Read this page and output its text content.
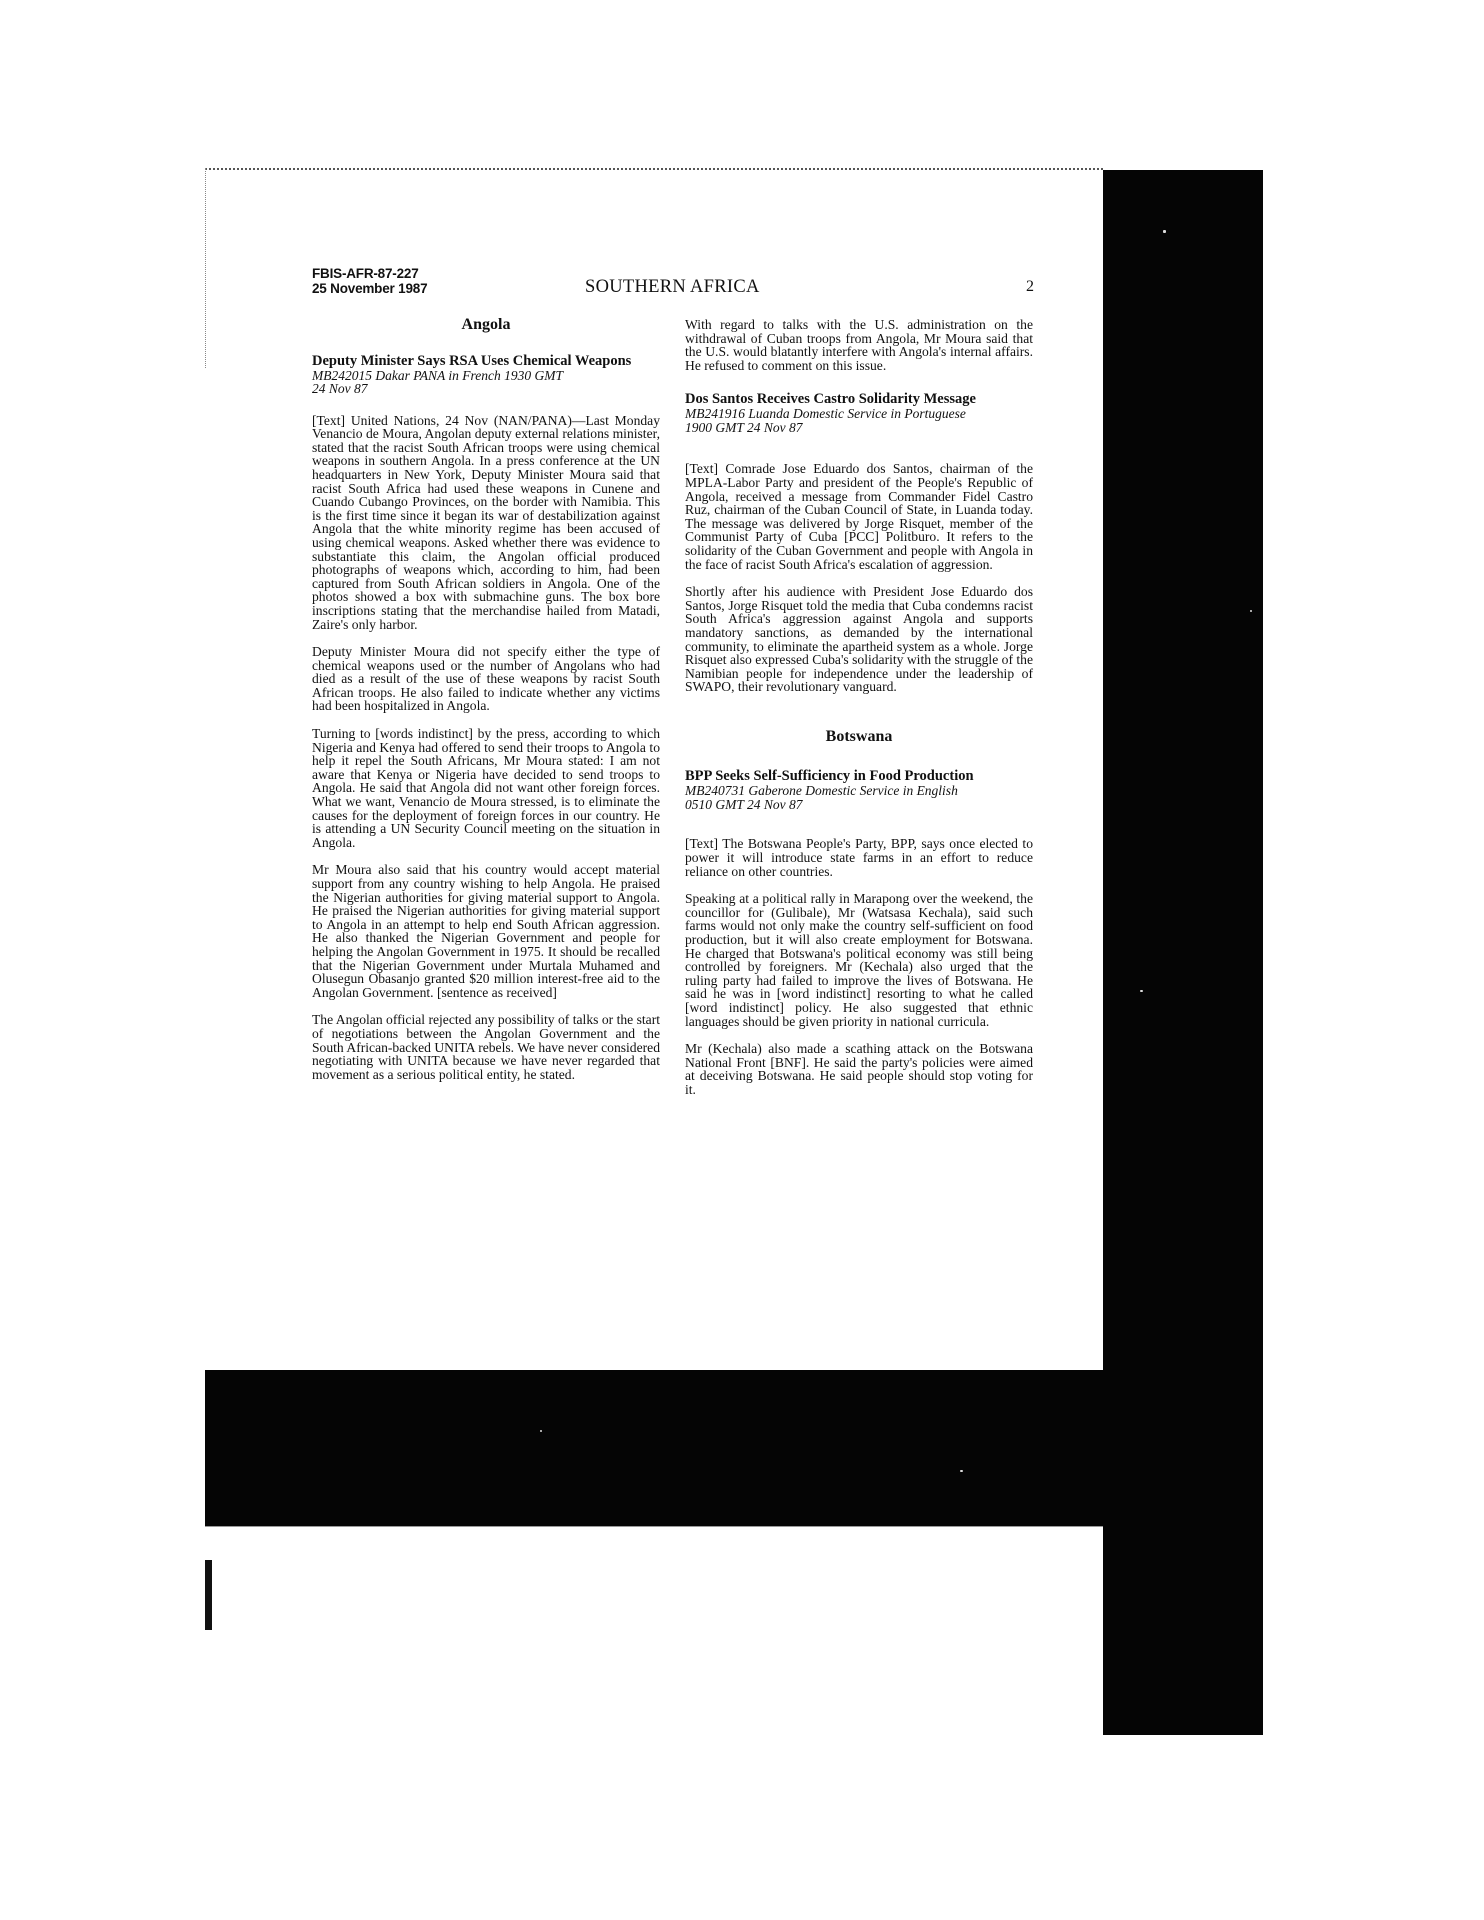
FBIS-AFR-87-227
25 November 1987	SOUTHERN AFRICA	2
Angola

Deputy Minister Says RSA Uses Chemical Weapons

MB242015 Dakar PANA in French 1930 GMT

24 Nov 87

[Text] United Nations, 24 Nov (NAN/PANA)—Last Monday Venancio de Moura, Angolan deputy external relations minister, stated that the racist South African troops were using chemical weapons in southern Angola. In a press conference at the UN headquarters in New York, Deputy Minister Moura said that racist South Africa had used these weapons in Cunene and Cuando Cubango Provinces, on the border with Namibia. This is the first time since it began its war of destabilization against Angola that the white minority regime has been accused of using chemical weapons. Asked whether there was evidence to substantiate this claim, the Angolan official produced photographs of weapons which, according to him, had been captured from South African soldiers in Angola. One of the photos showed a box with submachine guns. The box bore inscriptions stating that the merchandise hailed from Matadi, Zaire's only harbor.

Deputy Minister Moura did not specify either the type of chemical weapons used or the number of Angolans who had died as a result of the use of these weapons by racist South African troops. He also failed to indicate whether any victims had been hospitalized in Angola.

Turning to [words indistinct] by the press, according to which Nigeria and Kenya had offered to send their troops to Angola to help it repel the South Africans, Mr Moura stated: I am not aware that Kenya or Nigeria have decided to send troops to Angola. He said that Angola did not want other foreign forces. What we want, Venancio de Moura stressed, is to eliminate the causes for the deployment of foreign forces in our country. He is attending a UN Security Council meeting on the situation in Angola.

Mr Moura also said that his country would accept material support from any country wishing to help Angola. He praised the Nigerian authorities for giving material support to Angola. He praised the Nigerian authorities for giving material support to Angola in an attempt to help end South African aggression. He also thanked the Nigerian Government and people for helping the Angolan Government in 1975. It should be recalled that the Nigerian Government under Murtala Muhamed and Olusegun Obasanjo granted $20 million interest-free aid to the Angolan Government. [sentence as received]

The Angolan official rejected any possibility of talks or the start of negotiations between the Angolan Government and the South African-backed UNITA rebels. We have never considered negotiating with UNITA because we have never regarded that movement as a serious political entity, he stated.

With regard to talks with the U.S. administration on the withdrawal of Cuban troops from Angola, Mr Moura said that the U.S. would blatantly interfere with Angola's internal affairs. He refused to comment on this issue.

Dos Santos Receives Castro Solidarity Message

MB241916 Luanda Domestic Service in Portuguese

1900 GMT 24 Nov 87

[Text] Comrade Jose Eduardo dos Santos, chairman of the MPLA-Labor Party and president of the People's Republic of Angola, received a message from Commander Fidel Castro Ruz, chairman of the Cuban Council of State, in Luanda today. The message was delivered by Jorge Risquet, member of the Communist Party of Cuba [PCC] Politburo. It refers to the solidarity of the Cuban Government and people with Angola in the face of racist South Africa's escalation of aggression.

Shortly after his audience with President Jose Eduardo dos Santos, Jorge Risquet told the media that Cuba condemns racist South Africa's aggression against Angola and supports mandatory sanctions, as demanded by the international community, to eliminate the apartheid system as a whole. Jorge Risquet also expressed Cuba's solidarity with the struggle of the Namibian people for independence under the leadership of SWAPO, their revolutionary vanguard.

Botswana

BPP Seeks Self-Sufficiency in Food Production

MB240731 Gaberone Domestic Service in English

0510 GMT 24 Nov 87

[Text] The Botswana People's Party, BPP, says once elected to power it will introduce state farms in an effort to reduce reliance on other countries.

Speaking at a political rally in Marapong over the weekend, the councillor for (Gulibale), Mr (Watsasa Kechala), said such farms would not only make the country self-sufficient on food production, but it will also create employment for Botswana. He charged that Botswana's political economy was still being controlled by foreigners. Mr (Kechala) also urged that the ruling party had failed to improve the lives of Botswana. He said he was in [word indistinct] resorting to what he called [word indistinct] policy. He also suggested that ethnic languages should be given priority in national curricula.

Mr (Kechala) also made a scathing attack on the Botswana National Front [BNF]. He said the party's policies were aimed at deceiving Botswana. He said people should stop voting for it.
